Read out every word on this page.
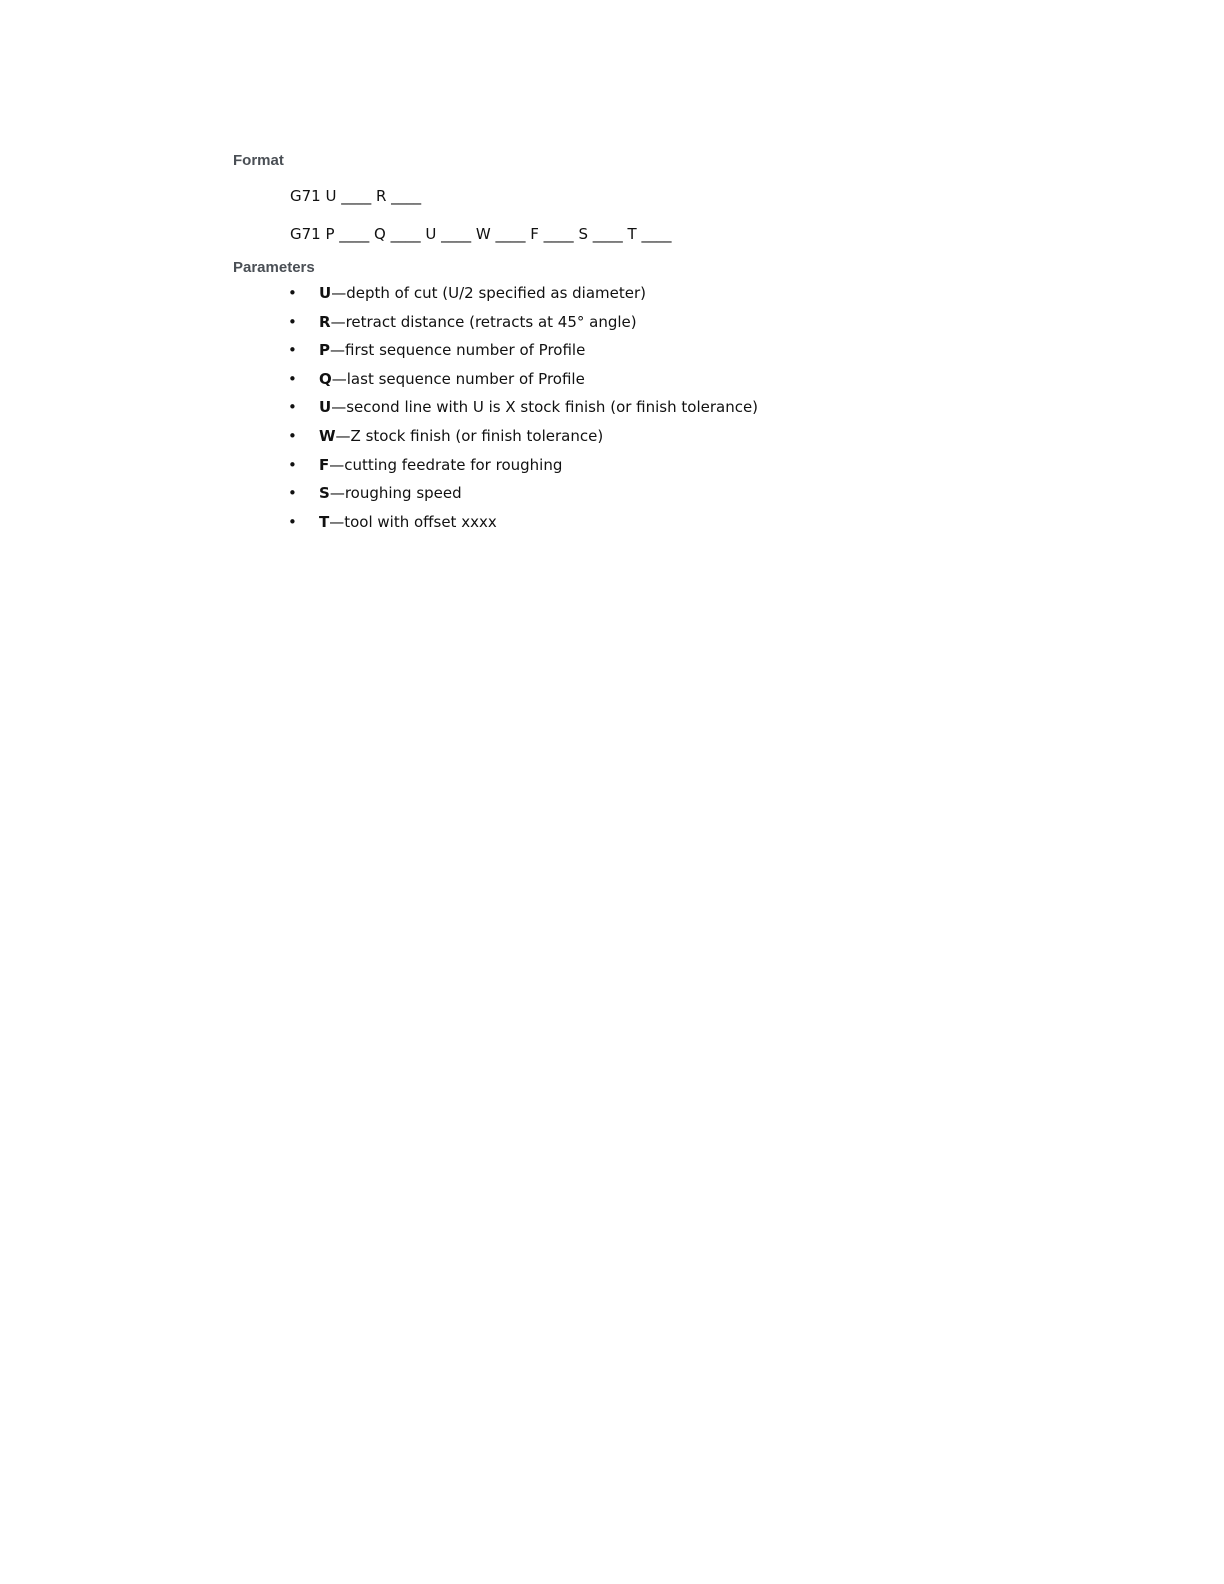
Format
G71 U ____ R ____
G71 P ____ Q ____ U ____ W ____ F ____ S ____ T ____
Parameters
• U—depth of cut (U/2 specified as diameter)
• R—retract distance (retracts at 45° angle)
• P—first sequence number of Profile
• Q—last sequence number of Profile
• U—second line with U is X stock finish (or finish tolerance)
• W—Z stock finish (or finish tolerance)
• F—cutting feedrate for roughing
• S—roughing speed
• T—tool with offset xxxx
